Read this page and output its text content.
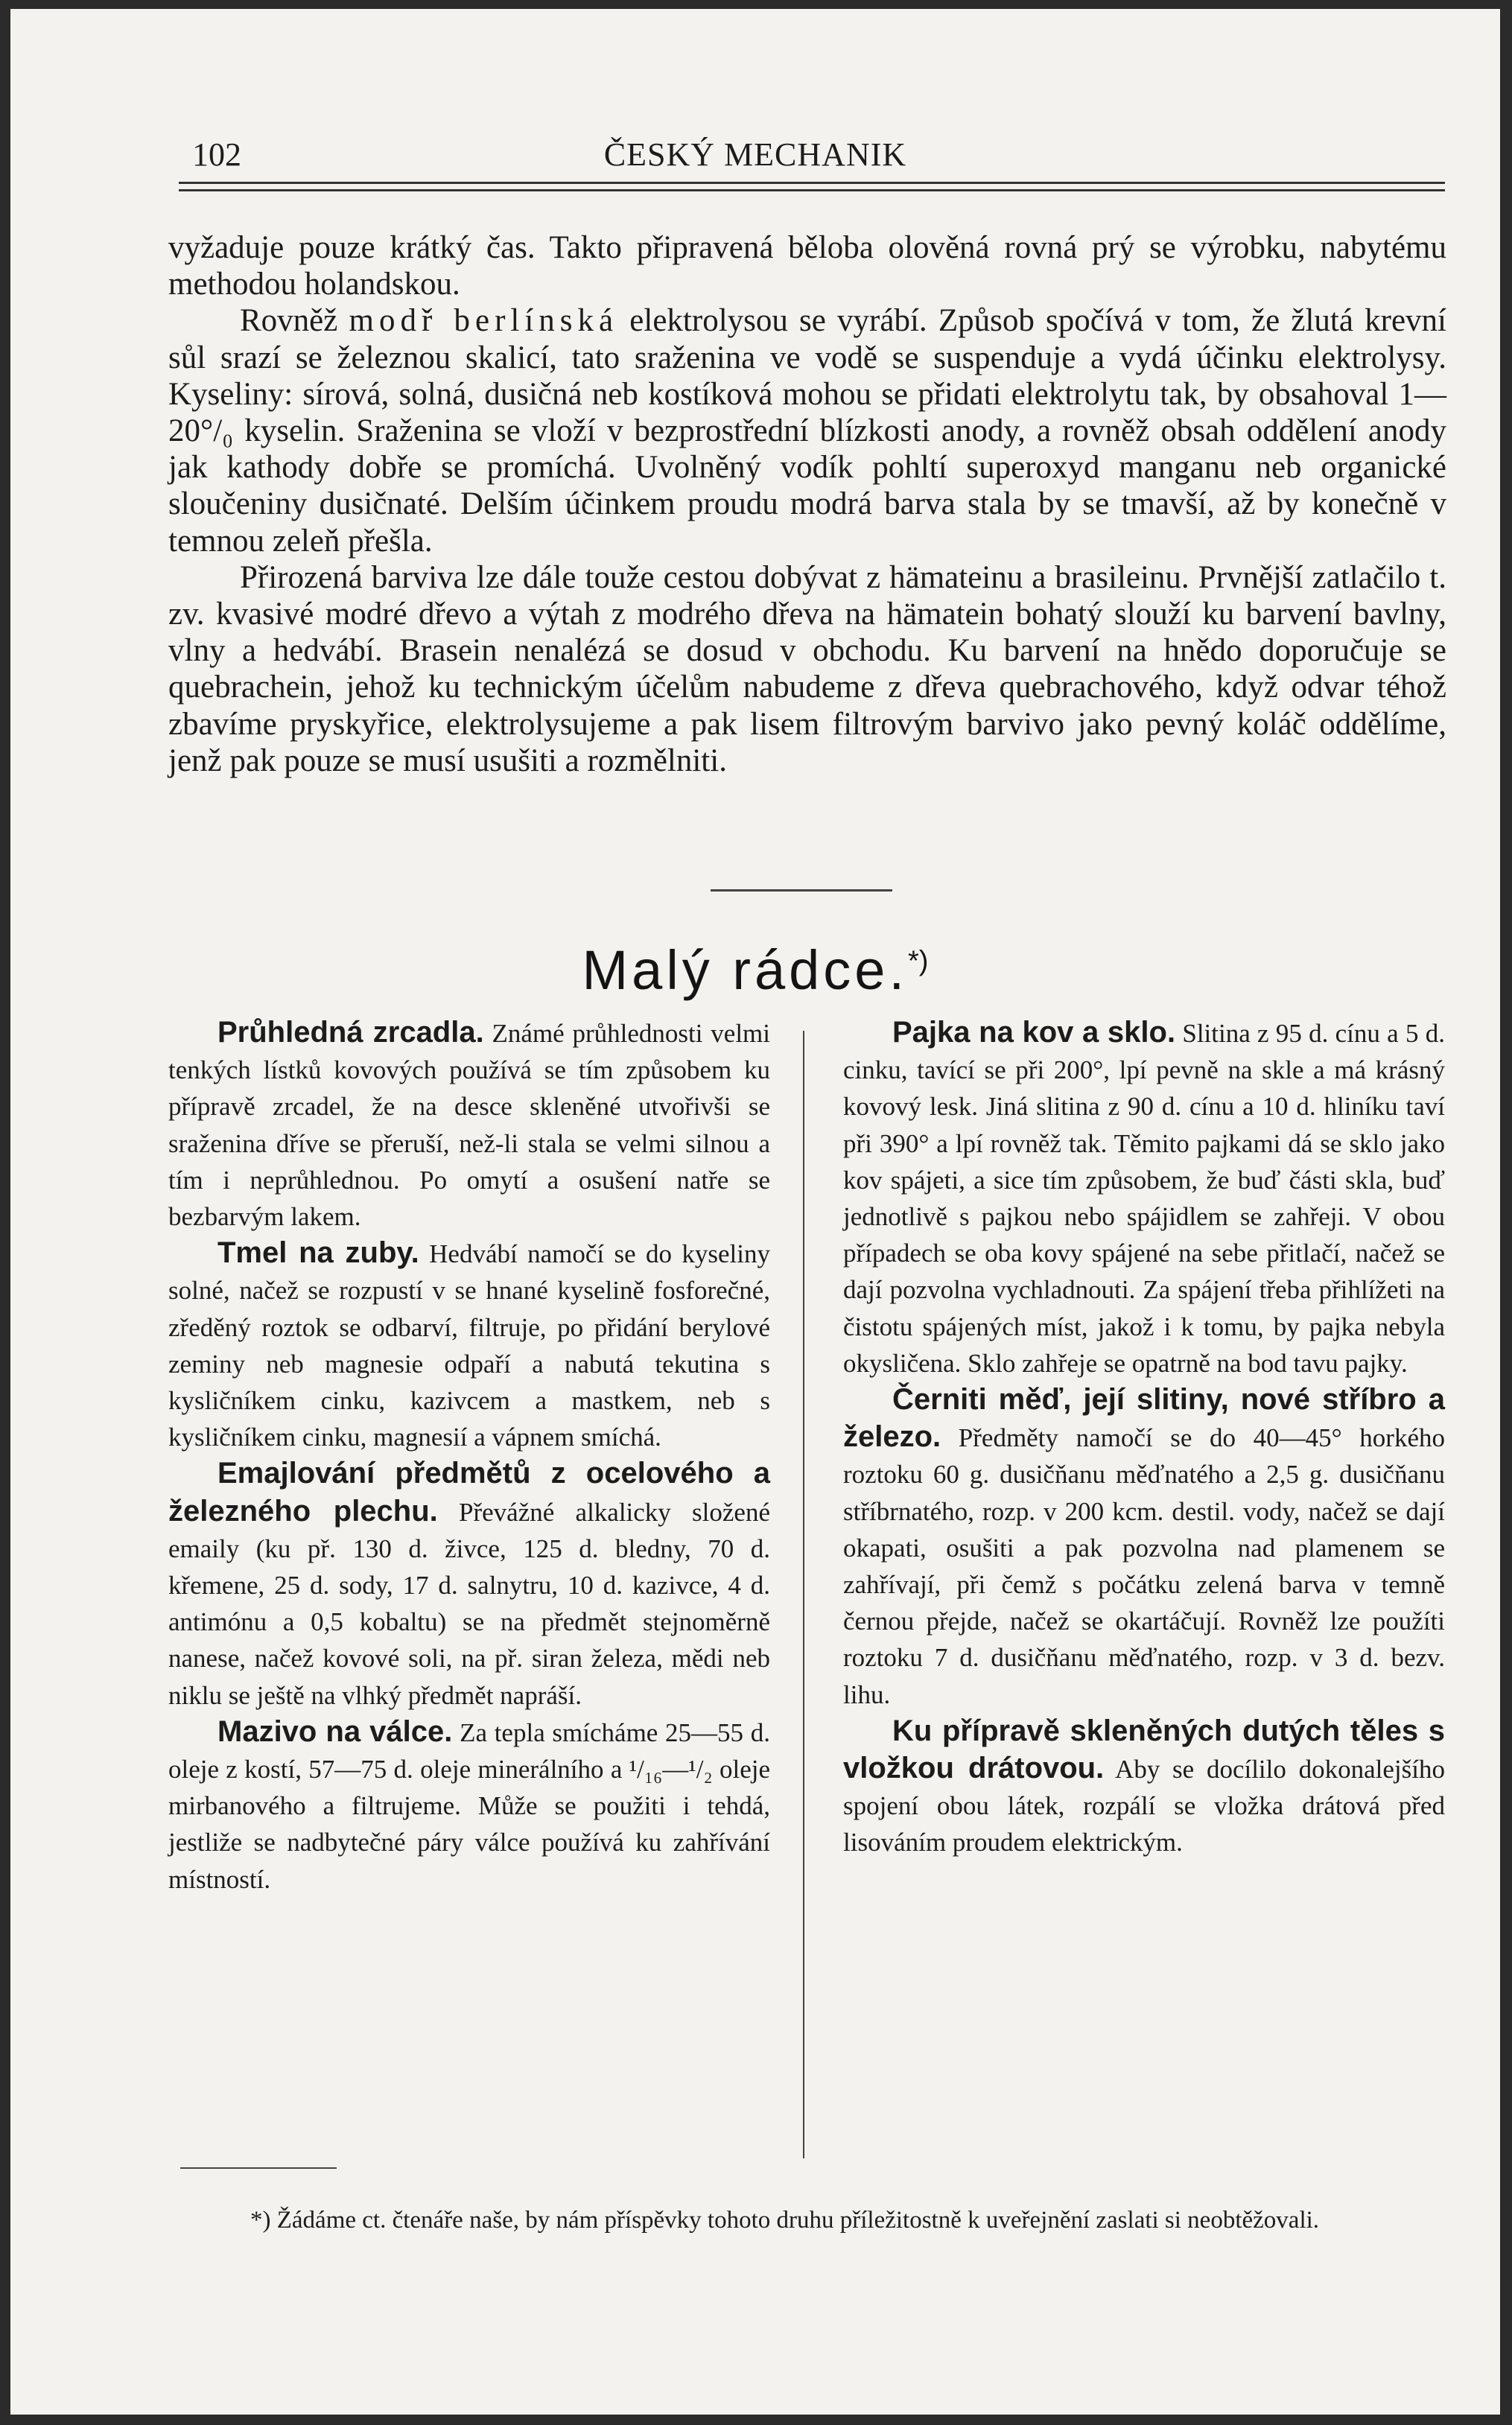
102	ČESKÝ MECHANIK

vyžaduje pouze krátký čas. Takto připravená běloba olověná rovná prý se výrobku, nabytému methodou holandskou.

Rovněž modř berlínská elektrolysou se vyrábí. Způsob spočívá v tom, že žlutá krevní sůl srazí se železnou skalicí, tato sraženina ve vodě se suspenduje a vydá účinku elektrolysy. Kyseliny: sírová, solná, dusičná neb kostíková mohou se přidati elektrolytu tak, by obsahoval 1—20°/₀ kyselin. Sraženina se vloží v bezprostřední blízkosti anody, a rovněž obsah oddělení anody jak kathody dobře se promíchá. Uvolněný vodík pohltí superoxyd manganu neb organické sloučeniny dusičnaté. Delším účinkem proudu modrá barva stala by se tmavší, až by konečně v temnou zeleň přešla.

Přirozená barviva lze dále touže cestou dobývat z hämateinu a brasileinu. Prvnější zatlačilo t. zv. kvasivé modré dřevo a výtah z modrého dřeva na hämatein bohatý slouží ku barvení bavlny, vlny a hedvábí. Brasein nenalézá se dosud v obchodu. Ku barvení na hnědo doporučuje se quebrachein, jehož ku technickým účelům nabudeme z dřeva quebrachového, když odvar téhož zbavíme pryskyřice, elektrolysujeme a pak lisem filtrovým barvivo jako pevný koláč oddělíme, jenž pak pouze se musí usušiti a rozmělniti.

Malý rádce.*)

Průhledná zrcadla. Známé průhlednosti velmi tenkých lístků kovových používá se tím způsobem ku přípravě zrcadel, že na desce skleněné utvořivši se sraženina dříve se přeruší, než-li stala se velmi silnou a tím i neprůhlednou. Po omytí a osušení natře se bezbarvým lakem.

Tmel na zuby. Hedvábí namočí se do kyseliny solné, načež se rozpustí v se hnané kyselině fosforečné, zředěný roztok se odbarví, filtruje, po přidání berylové zeminy neb magnesie odpaří a nabutá tekutina s kysličníkem cinku, kazivcem a mastkem, neb s kysličníkem cinku, magnesií a vápnem smíchá.

Emajlování předmětů z ocelového a železného plechu. Převážné alkalicky složené emaily (ku př. 130 d. živce, 125 d. bledny, 70 d. křemene, 25 d. sody, 17 d. salnytru, 10 d. kazivce, 4 d. antimónu a 0,5 kobaltu) se na předmět stejnoměrně nanese, načež kovové soli, na př. siran železa, mědi neb niklu se ještě na vlhký předmět napráší.

Mazivo na válce. Za tepla smícháme 25—55 d. oleje z kostí, 57—75 d. oleje minerálního a ¹/₁₆—¹/₂ oleje mirbanového a filtrujeme. Může se použiti i tehdá, jestliže se nadbytečné páry válce používá ku zahřívání místností.

Pajka na kov a sklo. Slitina z 95 d. cínu a 5 d. cinku, tavící se při 200°, lpí pevně na skle a má krásný kovový lesk. Jiná slitina z 90 d. cínu a 10 d. hliníku taví při 390° a lpí rovněž tak. Těmito pajkami dá se sklo jako kov spájeti, a sice tím způsobem, že buď části skla, buď jednotlivě s pajkou nebo spájidlem se zahřeji. V obou případech se oba kovy spájené na sebe přitlačí, načež se dají pozvolna vychladnouti. Za spájení třeba přihlížeti na čistotu spájených míst, jakož i k tomu, by pajka nebyla okysličena. Sklo zahřeje se opatrně na bod tavu pajky.

Černiti měď, její slitiny, nové stříbro a železo. Předměty namočí se do 40—45° horkého roztoku 60 g. dusičňanu měďnatého a 2,5 g. dusičňanu stříbrnatého, rozp. v 200 kcm. destil. vody, načež se dají okapati, osušiti a pak pozvolna nad plamenem se zahřívají, při čemž s počátku zelená barva v temně černou přejde, načež se okartáčují. Rovněž lze použíti roztoku 7 d. dusičňanu měďnatého, rozp. v 3 d. bezv. lihu.

Ku přípravě skleněných dutých těles s vložkou drátovou. Aby se docílilo dokonalejšího spojení obou látek, rozpálí se vložka drátová před lisováním proudem elektrickým.

*) Žádáme ct. čtenáře naše, by nám příspěvky tohoto druhu příležitostně k uveřejnění zaslati si neobtěžovali.
